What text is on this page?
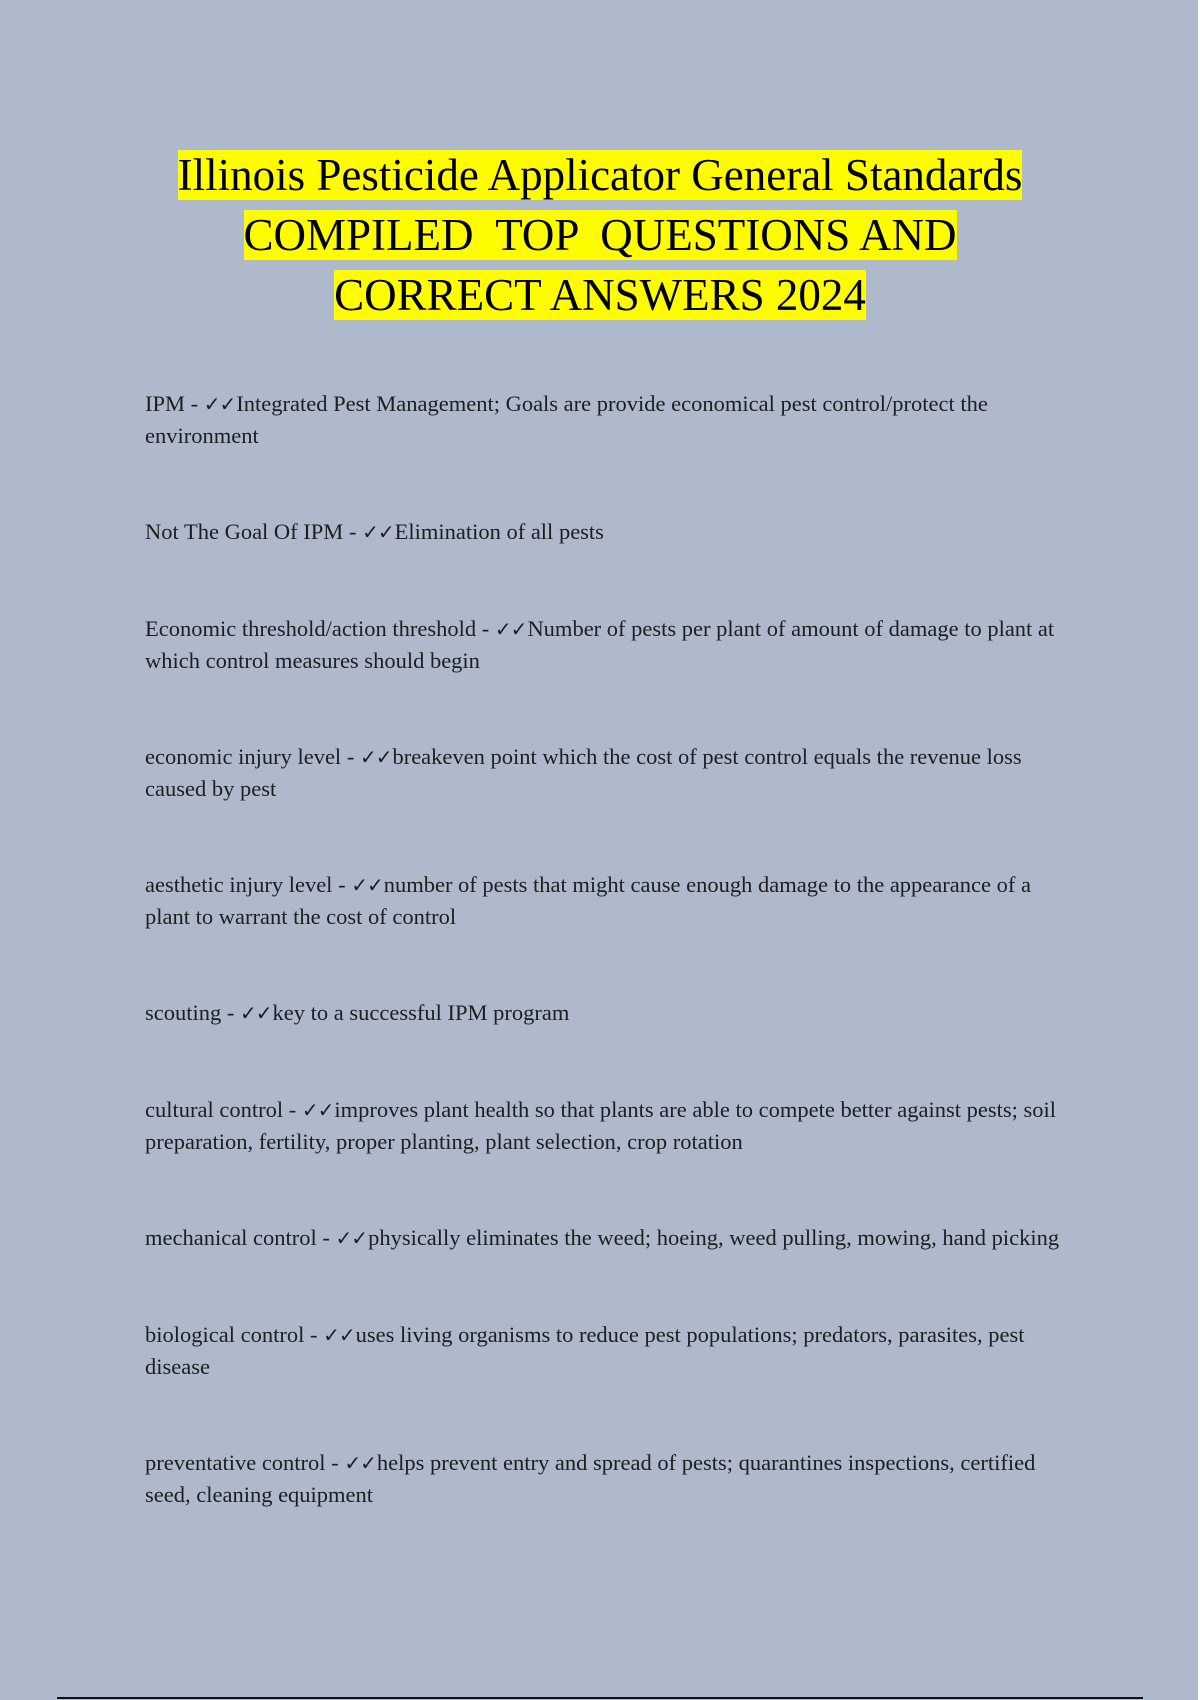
Illinois Pesticide Applicator General Standards
COMPILED  TOP  QUESTIONS AND
CORRECT ANSWERS 2024

IPM - ✓✓Integrated Pest Management; Goals are provide economical pest control/protect the environment

Not The Goal Of IPM - ✓✓Elimination of all pests

Economic threshold/action threshold - ✓✓Number of pests per plant of amount of damage to plant at which control measures should begin

economic injury level - ✓✓breakeven point which the cost of pest control equals the revenue loss caused by pest

aesthetic injury level - ✓✓number of pests that might cause enough damage to the appearance of a plant to warrant the cost of control

scouting - ✓✓key to a successful IPM program

cultural control - ✓✓improves plant health so that plants are able to compete better against pests; soil preparation, fertility, proper planting, plant selection, crop rotation

mechanical control - ✓✓physically eliminates the weed; hoeing, weed pulling, mowing, hand picking

biological control - ✓✓uses living organisms to reduce pest populations; predators, parasites, pest disease

preventative control - ✓✓helps prevent entry and spread of pests; quarantines inspections, certified seed, cleaning equipment
